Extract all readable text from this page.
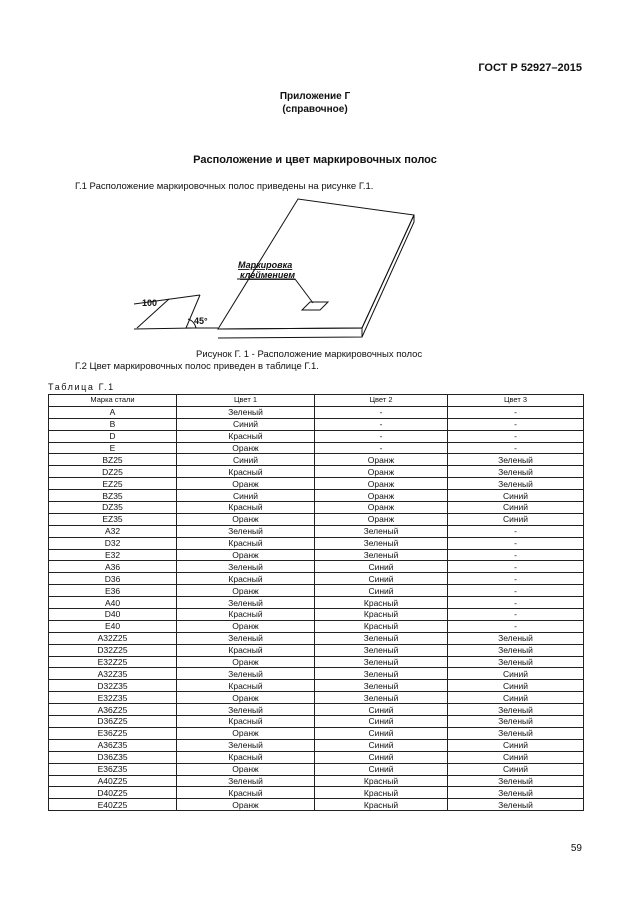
ГОСТ Р 52927–2015
Приложение Г
(справочное)
Расположение и цвет маркировочных полос
Г.1 Расположение маркировочных полос приведены на рисунке Г.1.
Маркировка
клеймением
100
45°
Рисунок Г. 1 - Расположение маркировочных полос
Г.2 Цвет маркировочных полос приведен в таблице Г.1.
Таблица Г.1
Марка стали	Цвет 1	Цвет 2	Цвет 3
A	Зеленый	-	-
B	Синий	-	-
D	Красный	-	-
E	Оранж	-	-
BZ25	Синий	Оранж	Зеленый
DZ25	Красный	Оранж	Зеленый
EZ25	Оранж	Оранж	Зеленый
BZ35	Синий	Оранж	Синий
DZ35	Красный	Оранж	Синий
EZ35	Оранж	Оранж	Синий
A32	Зеленый	Зеленый	-
D32	Красный	Зеленый	-
E32	Оранж	Зеленый	-
A36	Зеленый	Синий	-
D36	Красный	Синий	-
E36	Оранж	Синий	-
A40	Зеленый	Красный	-
D40	Красный	Красный	-
E40	Оранж	Красный	-
A32Z25	Зеленый	Зеленый	Зеленый
D32Z25	Красный	Зеленый	Зеленый
E32Z25	Оранж	Зеленый	Зеленый
A32Z35	Зеленый	Зеленый	Синий
D32Z35	Красный	Зеленый	Синий
E32Z35	Оранж	Зеленый	Синий
A36Z25	Зеленый	Синий	Зеленый
D36Z25	Красный	Синий	Зеленый
E36Z25	Оранж	Синий	Зеленый
A36Z35	Зеленый	Синий	Синий
D36Z35	Красный	Синий	Синий
E36Z35	Оранж	Синий	Синий
A40Z25	Зеленый	Красный	Зеленый
D40Z25	Красный	Красный	Зеленый
E40Z25	Оранж	Красный	Зеленый
59
